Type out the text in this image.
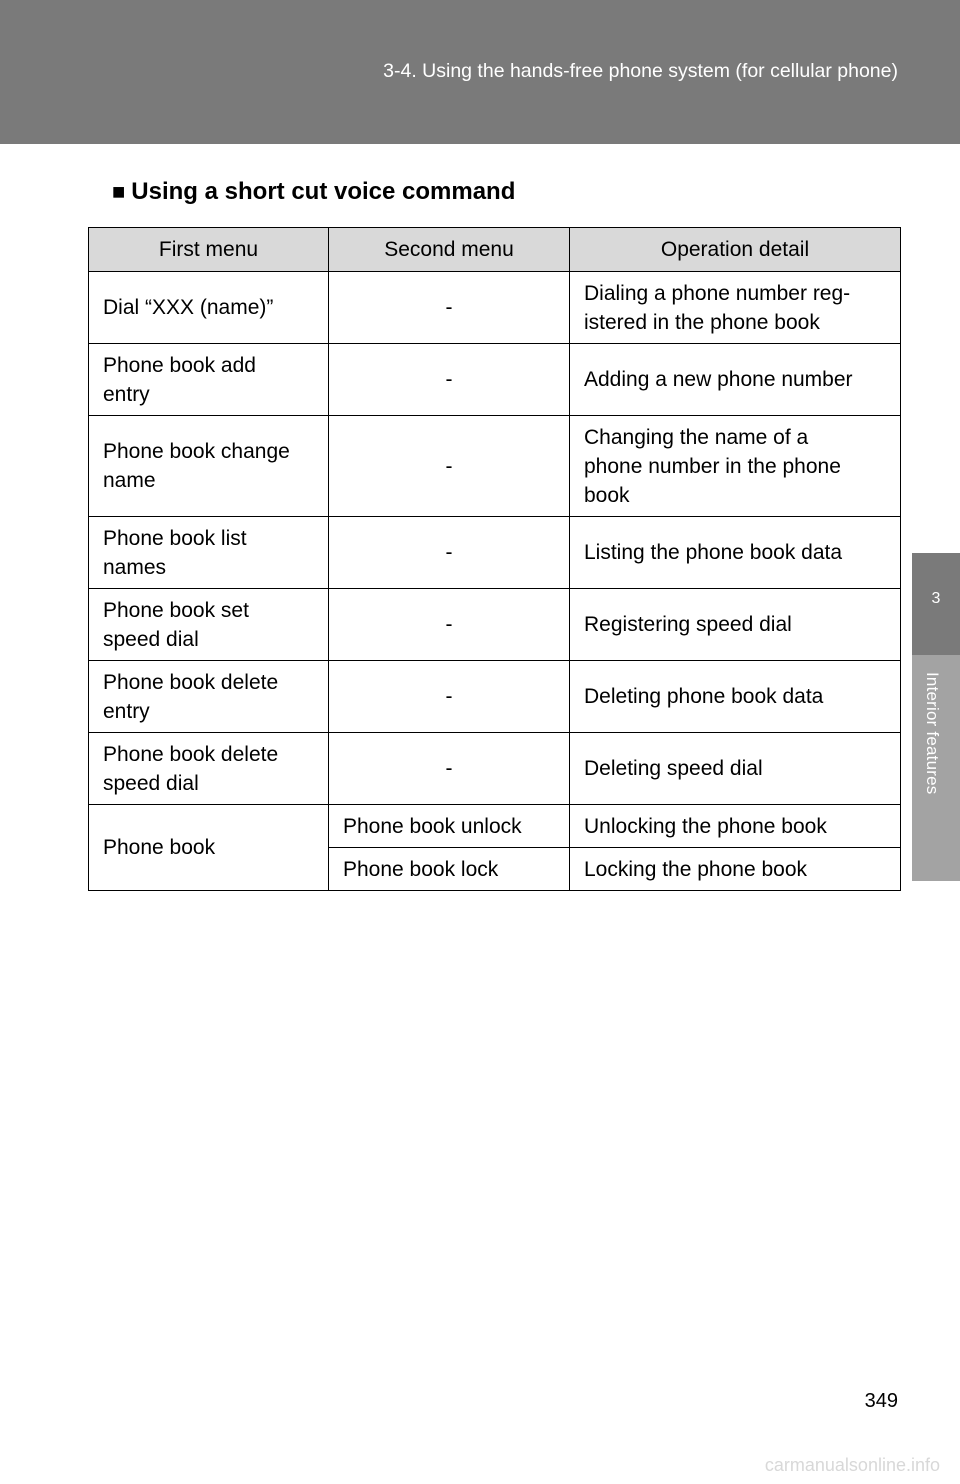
3-4. Using the hands-free phone system (for cellular phone)
3
Interior features
■ Using a short cut voice command
First menu	Second menu	Operation detail
Dial “XXX (name)”	-	Dialing a phone number reg-
istered in the phone book
Phone book add
entry	-	Adding a new phone number
Phone book change
name	-	Changing the name of a
phone number in the phone
book
Phone book list
names	-	Listing the phone book data
Phone book set
speed dial	-	Registering speed dial
Phone book delete
entry	-	Deleting phone book data
Phone book delete
speed dial	-	Deleting speed dial
Phone book	Phone book unlock	Unlocking the phone book
	Phone book lock	Locking the phone book
349
carmanualsonline.info
